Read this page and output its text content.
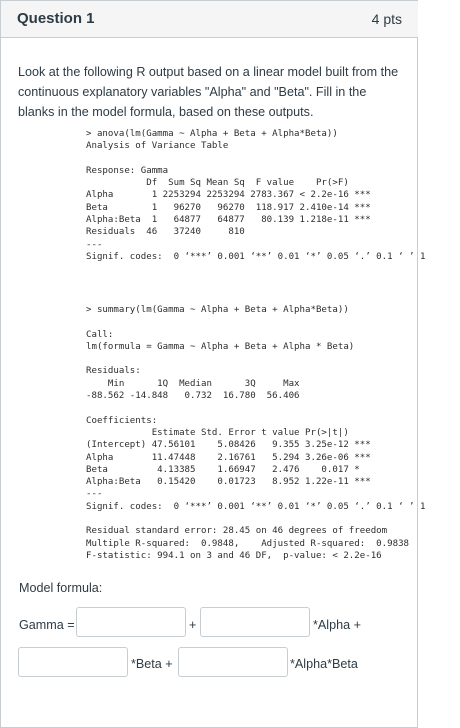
Question 1	4 pts

Look at the following R output based on a linear model built from the continuous explanatory variables "Alpha" and "Beta". Fill in the blanks in the model formula, based on these outputs.

> anova(lm(Gamma ~ Alpha + Beta + Alpha*Beta))
Analysis of Variance Table

Response: Gamma
Df  Sum Sq Mean Sq  F value    Pr(>F)
Alpha       1 2253294 2253294 2783.367 < 2.2e-16 ***
Beta        1   96270   96270  118.917 2.410e-14 ***
Alpha:Beta  1   64877   64877   80.139 1.218e-11 ***
Residuals  46   37240     810
---
Signif. codes:  0 ‘***’ 0.001 ‘**’ 0.01 ‘*’ 0.05 ‘.’ 0.1 ‘ ’ 1
> summary(lm(Gamma ~ Alpha + Beta + Alpha*Beta))

Call:
lm(formula = Gamma ~ Alpha + Beta + Alpha * Beta)

Residuals:
Min      1Q  Median      3Q     Max
-88.562 -14.848   0.732  16.780  56.406

Coefficients:
Estimate Std. Error t value Pr(>|t|)
(Intercept) 47.56101    5.08426   9.355 3.25e-12 ***
Alpha       11.47448    2.16761   5.294 3.26e-06 ***
Beta         4.13385    1.66947   2.476    0.017 *
Alpha:Beta   0.15420    0.01723   8.952 1.22e-11 ***
---
Signif. codes:  0 ‘***’ 0.001 ‘**’ 0.01 ‘*’ 0.05 ‘.’ 0.1 ‘ ’ 1

Residual standard error: 28.45 on 46 degrees of freedom
Multiple R-squared:  0.9848,	Adjusted R-squared:  0.9838
F-statistic: 994.1 on 3 and 46 DF,  p-value: < 2.2e-16
Model formula:
Gamma =	+	*Alpha +
*Beta +	*Alpha*Beta
